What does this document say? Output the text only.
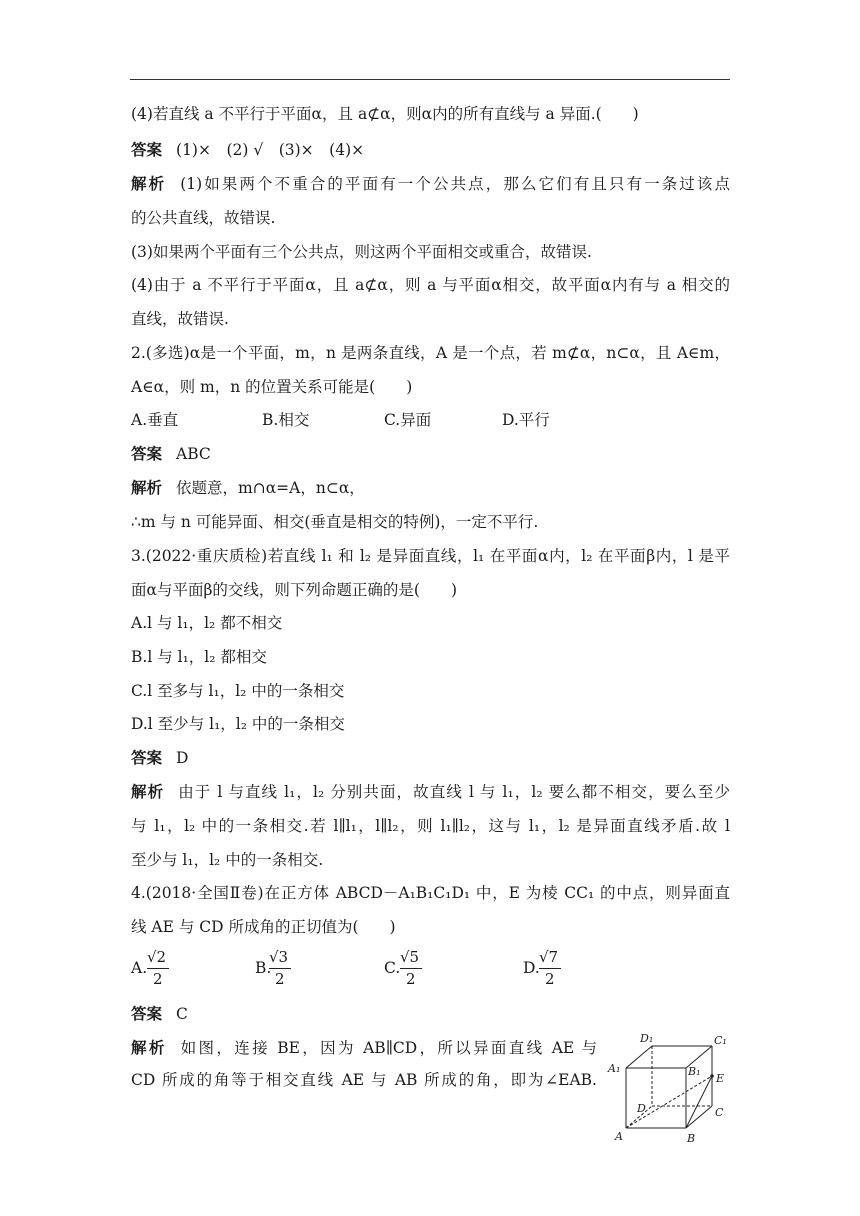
(4)若直线 a 不平行于平面α，且 a⊄α，则α内的所有直线与 a 异面.(　　)
答案 (1)×　(2) √　(3)×　(4)×
解析 (1)如果两个不重合的平面有一个公共点，那么它们有且只有一条过该点
的公共直线，故错误.
(3)如果两个平面有三个公共点，则这两个平面相交或重合，故错误.
(4)由于 a 不平行于平面α，且 a⊄α，则 a 与平面α相交，故平面α内有与 a 相交的
直线，故错误.
2.(多选)α是一个平面，m，n 是两条直线，A 是一个点，若 m⊄α，n⊂α，且 A∈m，
A∈α，则 m，n 的位置关系可能是(　　)
A.垂直	B.相交	C.异面	D.平行
答案 ABC
解析 依题意，m∩α=A，n⊂α，
∴m 与 n 可能异面、相交(垂直是相交的特例)，一定不平行.
3.(2022·重庆质检)若直线 l₁ 和 l₂ 是异面直线，l₁ 在平面α内，l₂ 在平面β内，l 是平
面α与平面β的交线，则下列命题正确的是(　　)
A.l 与 l₁，l₂ 都不相交
B.l 与 l₁，l₂ 都相交
C.l 至多与 l₁，l₂ 中的一条相交
D.l 至少与 l₁，l₂ 中的一条相交
答案 D
解析 由于 l 与直线 l₁，l₂ 分别共面，故直线 l 与 l₁，l₂ 要么都不相交，要么至少
与 l₁，l₂ 中的一条相交.若 l∥l₁，l∥l₂，则 l₁∥l₂，这与 l₁，l₂ 是异面直线矛盾.故 l
至少与 l₁，l₂ 中的一条相交.
4.(2018·全国Ⅱ卷)在正方体 ABCD－A₁B₁C₁D₁ 中，E 为棱 CC₁ 的中点，则异面直
线 AE 与 CD 所成角的正切值为(　　)
A.	B.	C.	D.
√2
2
√3
2
√5
2
√7
2
答案 C
解析 如图，连接 BE，因为 AB∥CD，所以异面直线 AE 与
CD 所成的角等于相交直线 AE 与 AB 所成的角，即为∠EAB.
D₁	C₁
A₁	B₁
E
D	C
A	B
